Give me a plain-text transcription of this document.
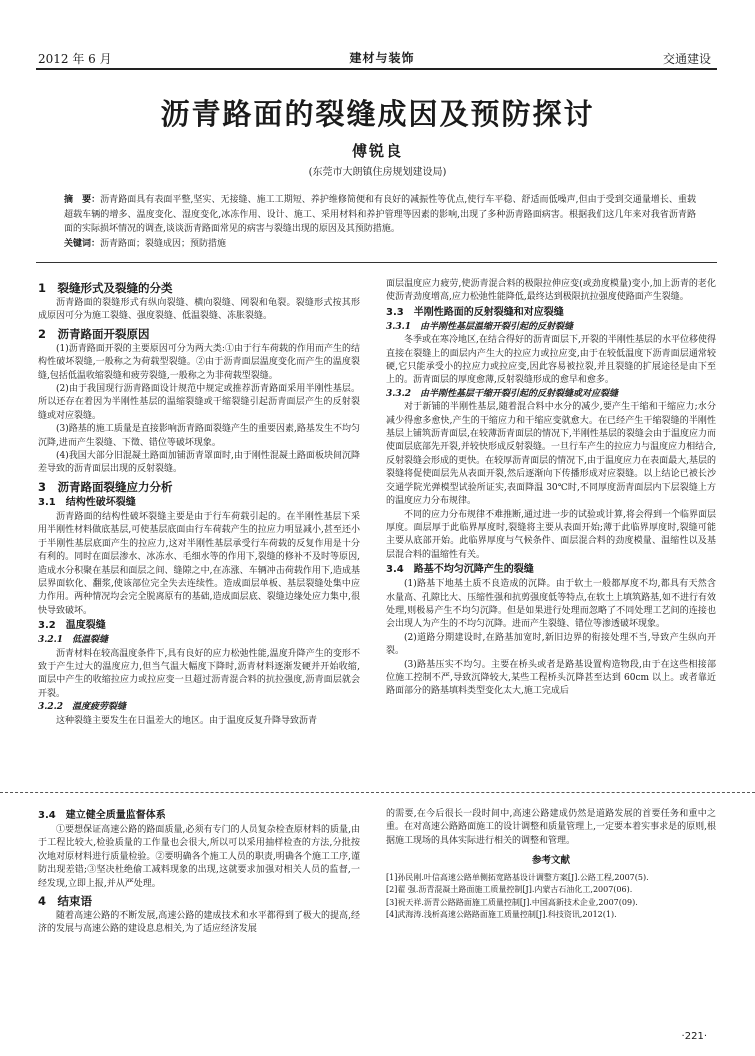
2012 年 6 月	建材与装饰	交通建设
沥青路面的裂缝成因及预防探讨
傅锐良
(东莞市大朗镇住房规划建设局)
摘　要：沥青路面具有表面平整,坚实、无接缝、施工工期短、养护维修简便和有良好的减振性等优点,使行车平稳、舒适而低噪声,但由于受到交通量增长、重载超载车辆的增多、温度变化、湿度变化,冰冻作用、设计、施工、采用材料和养护管理等因素的影响,出现了多种沥青路面病害。根据我们这几年来对我省沥青路面的实际损坏情况的调查,谈谈沥青路面常见的病害与裂缝出现的原因及其预防措施。
关键词：沥青路面；裂缝成因；预防措施
1　裂缝形式及裂缝的分类
沥青路面的裂缝形式有纵向裂缝、横向裂缝、网裂和龟裂。裂缝形式按其形成原因可分为施工裂缝、强度裂缝、低温裂缝、冻胀裂缝。
2　沥青路面开裂原因
(1)沥青路面开裂的主要原因可分为两大类:①由于行车荷载的作用而产生的结构性破坏裂缝,一般称之为荷载型裂缝。②由于沥青面层温度变化而产生的温度裂缝,包括低温收缩裂缝和疲劳裂缝,一般称之为非荷载型裂缝。
(2)由于我国现行沥青路面设计规范中规定或推荐沥青路面采用半刚性基层。所以还存在着因为半刚性基层的温缩裂缝或干缩裂缝引起沥青面层产生的反射裂缝或对应裂缝。
(3)路基的施工质量是直接影响沥青路面裂缝产生的重要因素,路基发生不均匀沉降,进而产生裂缝、下徵、错位等破坏现象。
(4)我国大部分旧混凝土路面加铺沥青罩面时,由于刚性混凝土路面板块间沉降差导致的沥青面层出现的反射裂缝。
3　沥青路面裂缝应力分析
3.1　结构性破坏裂缝
沥青路面的结构性破坏裂缝主要是由于行车荷载引起的。在半刚性基层下采用半刚性材料做底基层,可使基层底面由行车荷载产生的拉应力明显减小,甚至还小于半刚性基层底面产生的拉应力,这对半刚性基层承受行车荷载的反复作用是十分有利的。同时在面层渗水、冰冻水、毛细水等的作用下,裂缝的修补不及时等原因,造成水分积聚在基层和面层之间、缝隙之中,在冻涨、车辆冲击荷载作用下,造成基层界面软化、翻浆,使该部位完全失去连续性。造成面层单板、基层裂缝处集中应力作用。两种情况均会完全脱离原有的基础,造成面层底、裂缝边缘处应力集中,很快导致破坏。
3.2　温度裂缝
3.2.1　低温裂缝
沥青材料在较高温度条件下,具有良好的应力松弛性能,温度升降产生的变形不致于产生过大的温度应力,但当气温大幅度下降时,沥青材料逐渐发硬并开始收缩,面层中产生的收缩拉应力或拉应变一旦超过沥青混合料的抗拉强度,沥青面层就会开裂。
3.2.2　温度疲劳裂缝
这种裂缝主要发生在日温差大的地区。由于温度反复升降导致沥青
面层温度应力疲劳,使沥青混合料的极限拉伸应变(或劲度模量)变小,加上沥青的老化使沥青劲度增高,应力松弛性能降低,最终达到极限抗拉强度使路面产生裂缝。
3.3　半刚性路面的反射裂缝和对应裂缝
3.3.1　由半刚性基层温缩开裂引起的反射裂缝
冬季或在寒冷地区,在结合得好的沥青面层下,开裂的半刚性基层的水平位移使得直接在裂缝上的面层内产生大的拉应力或拉应变,由于在较低温度下沥青面层通常较硬,它只能承受小的拉应力或拉应变,因此容易被拉裂,并且裂缝的扩展途径是由下至上的。沥青面层的厚度愈薄,反射裂缝形成的愈早和愈多。
3.3.2　由半刚性基层干缩开裂引起的反射裂缝或对应裂缝
对于新铺的半刚性基层,随着混合料中水分的减少,要产生干缩和干缩应力;水分减少得愈多愈快,产生的干缩应力和干缩应变就愈大。在已经产生干缩裂缝的半刚性基层上铺筑沥青面层,在较薄沥青面层的情况下,半刚性基层的裂缝会由于温度应力而使面层底部先开裂,并较快形成反射裂缝。一旦行车产生的拉应力与温度应力相结合,反射裂缝会形成的更快。在较厚沥青面层的情况下,由于温度应力在表面最大,基层的裂缝将促使面层先从表面开裂,然后逐渐向下传播形成对应裂缝。以上结论已被长沙交通学院光弹模型试验所证实,表面降温 30℃时,不同厚度沥青面层内下层裂缝上方的温度应力分布规律。
不同的应力分布规律不难推断,通过进一步的试验或计算,将会得到一个临界面层厚度。面层厚于此临界厚度时,裂缝将主要从表面开始;薄于此临界厚度时,裂缝可能主要从底部开始。此临界厚度与气候条件、面层混合料的劲度模量、温缩性以及基层混合料的温缩性有关。
3.4　路基不均匀沉降产生的裂缝
(1)路基下地基土质不良造成的沉降。由于软土一般都厚度不均,都具有天然含水量高、孔隙比大、压缩性强和抗剪强度低等特点,在软土上填筑路基,如不进行有效处理,则极易产生不均匀沉降。但是如果进行处理而忽略了不同处理工艺间的连接也会出现人为产生的不均匀沉降。进而产生裂缝、错位等渗透破坏现象。
(2)道路分期建设时,在路基加宽时,新旧边界的衔接处理不当,导致产生纵向开裂。
(3)路基压实不均匀。主要在桥头或者是路基设置构造物段,由于在这些相接部位施工控制不严,导致沉降较大,某些工程桥头沉降甚至达到 60cm 以上。或者靠近路面部分的路基填料类型变化太大,施工完成后
3.4　建立健全质量监督体系
①要想保证高速公路的路面质量,必须有专门的人员复杂检查原材料的质量,由于工程比较大,检验质量的工作量也会很大,所以可以采用抽样检查的方法,分批按次地对原材料进行质量检验。②要明确各个施工人员的职责,明确各个施工工序,谨防出现差错;③坚决杜绝偷工减料现象的出现,这就要求加强对相关人员的监督,一经发现,立即上报,并从严处理。
4　结束语
随着高速公路的不断发展,高速公路的建成技术和水平都得到了极大的提高,经济的发展与高速公路的建设息息相关,为了适应经济发展
的需要,在今后很长一段时间中,高速公路建成仍然是道路发展的首要任务和重中之重。在对高速公路路面施工的设计调整和质量管理上,一定要本着实事求是的原则,根据施工现场的具体实际进行相关的调整和管理。
参考文献
[1]孙民刚.叶信高速公路单侧拓宽路基设计调整方案[J].公路工程,2007(5).
[2]翟 强.沥青混凝土路面施工质量控制[J].内蒙古石油化工,2007(06).
[3]祝天祥.沥青公路路面施工质量控制[J].中国高新技术企业,2007(09).
[4]武海涛.浅析高速公路路面施工质量控制[J].科技资讯,2012(1).
·221·
